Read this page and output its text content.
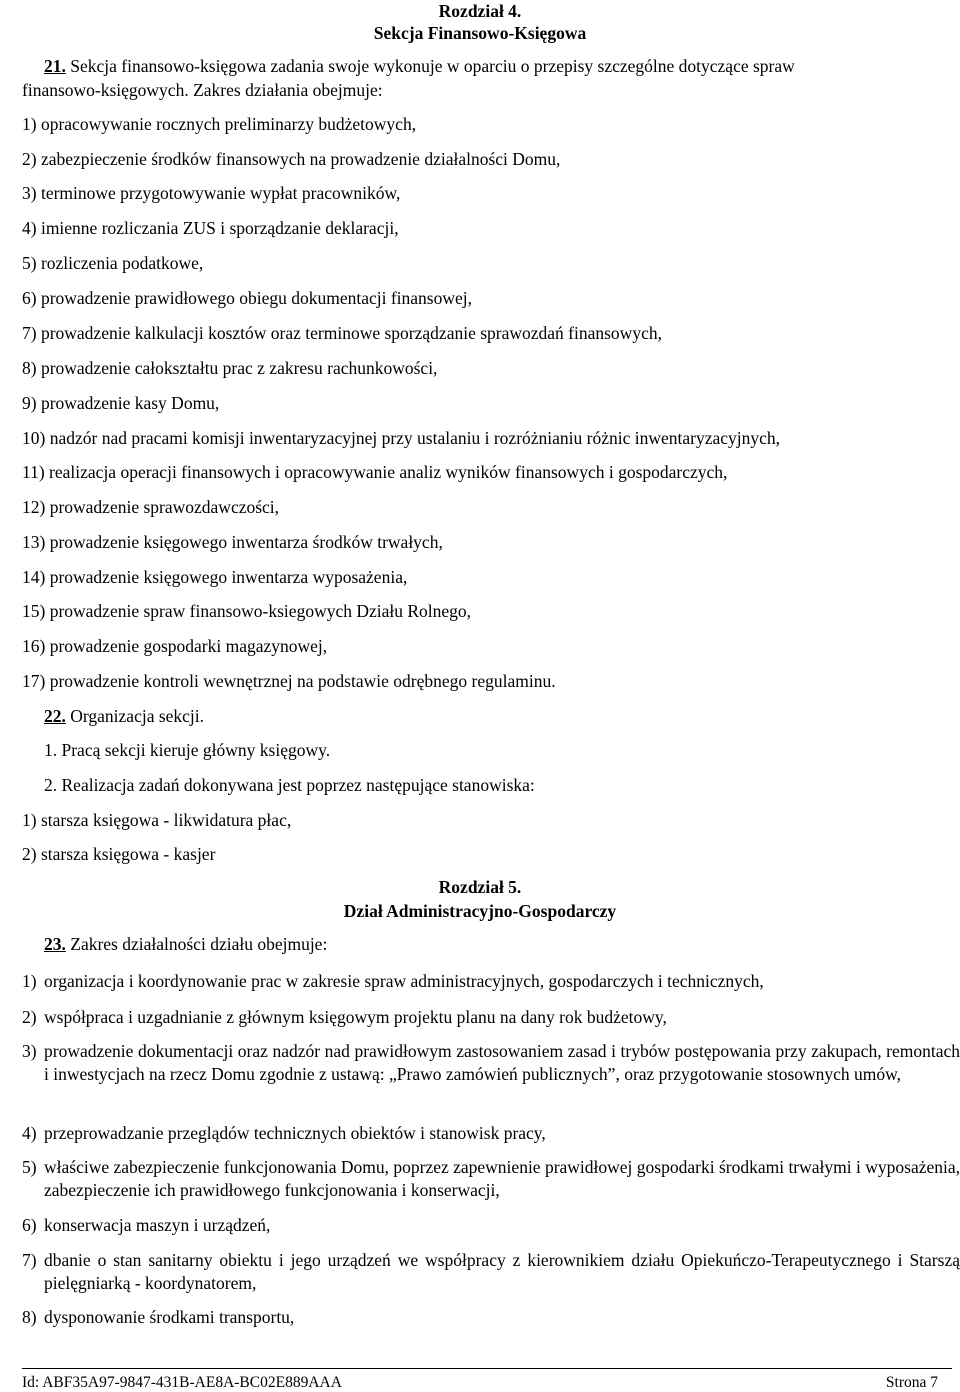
Rozdział 4.
Sekcja Finansowo-Księgowa
21. Sekcja finansowo-księgowa zadania swoje wykonuje w oparciu o przepisy szczególne dotyczące spraw
finansowo-księgowych. Zakres działania obejmuje:
1) opracowywanie rocznych preliminarzy budżetowych,
2) zabezpieczenie środków finansowych na prowadzenie działalności Domu,
3) terminowe przygotowywanie wypłat pracowników,
4) imienne rozliczania ZUS i sporządzanie deklaracji,
5) rozliczenia podatkowe,
6) prowadzenie prawidłowego obiegu dokumentacji finansowej,
7) prowadzenie kalkulacji kosztów oraz terminowe sporządzanie sprawozdań finansowych,
8) prowadzenie całokształtu prac z zakresu rachunkowości,
9) prowadzenie kasy Domu,
10) nadzór nad pracami komisji inwentaryzacyjnej przy ustalaniu i rozróżnianiu różnic inwentaryzacyjnych,
11) realizacja operacji finansowych i opracowywanie analiz wyników finansowych i gospodarczych,
12) prowadzenie sprawozdawczości,
13) prowadzenie księgowego inwentarza środków trwałych,
14) prowadzenie księgowego inwentarza wyposażenia,
15) prowadzenie spraw finansowo-ksiegowych Działu Rolnego,
16) prowadzenie gospodarki magazynowej,
17) prowadzenie kontroli wewnętrznej na podstawie odrębnego regulaminu.
22. Organizacja sekcji.
1. Pracą sekcji kieruje główny księgowy.
2. Realizacja zadań dokonywana jest poprzez następujące stanowiska:
1) starsza księgowa - likwidatura płac,
2) starsza księgowa - kasjer
Rozdział 5.
Dział Administracyjno-Gospodarczy
23. Zakres działalności działu obejmuje:
1) organizacja i koordynowanie prac w zakresie spraw administracyjnych, gospodarczych i technicznych,
2) współpraca i uzgadnianie z głównym księgowym projektu planu na dany rok budżetowy,
3) prowadzenie dokumentacji oraz nadzór nad prawidłowym zastosowaniem zasad i trybów postępowania przy zakupach, remontach i inwestycjach na rzecz Domu zgodnie z ustawą: „Prawo zamówień publicznych”, oraz przygotowanie stosownych umów,
4) przeprowadzanie przeglądów technicznych obiektów i stanowisk pracy,
5) właściwe zabezpieczenie funkcjonowania Domu, poprzez zapewnienie prawidłowej gospodarki środkami trwałymi i wyposażenia, zabezpieczenie ich prawidłowego funkcjonowania i konserwacji,
6) konserwacja maszyn i urządzeń,
7) dbanie o stan sanitarny obiektu i jego urządzeń we współpracy z kierownikiem działu Opiekuńczo-Terapeutycznego i Starszą pielęgniarką - koordynatorem,
8) dysponowanie środkami transportu,
Id: ABF35A97-9847-431B-AE8A-BC02E889AAA	Strona 7
